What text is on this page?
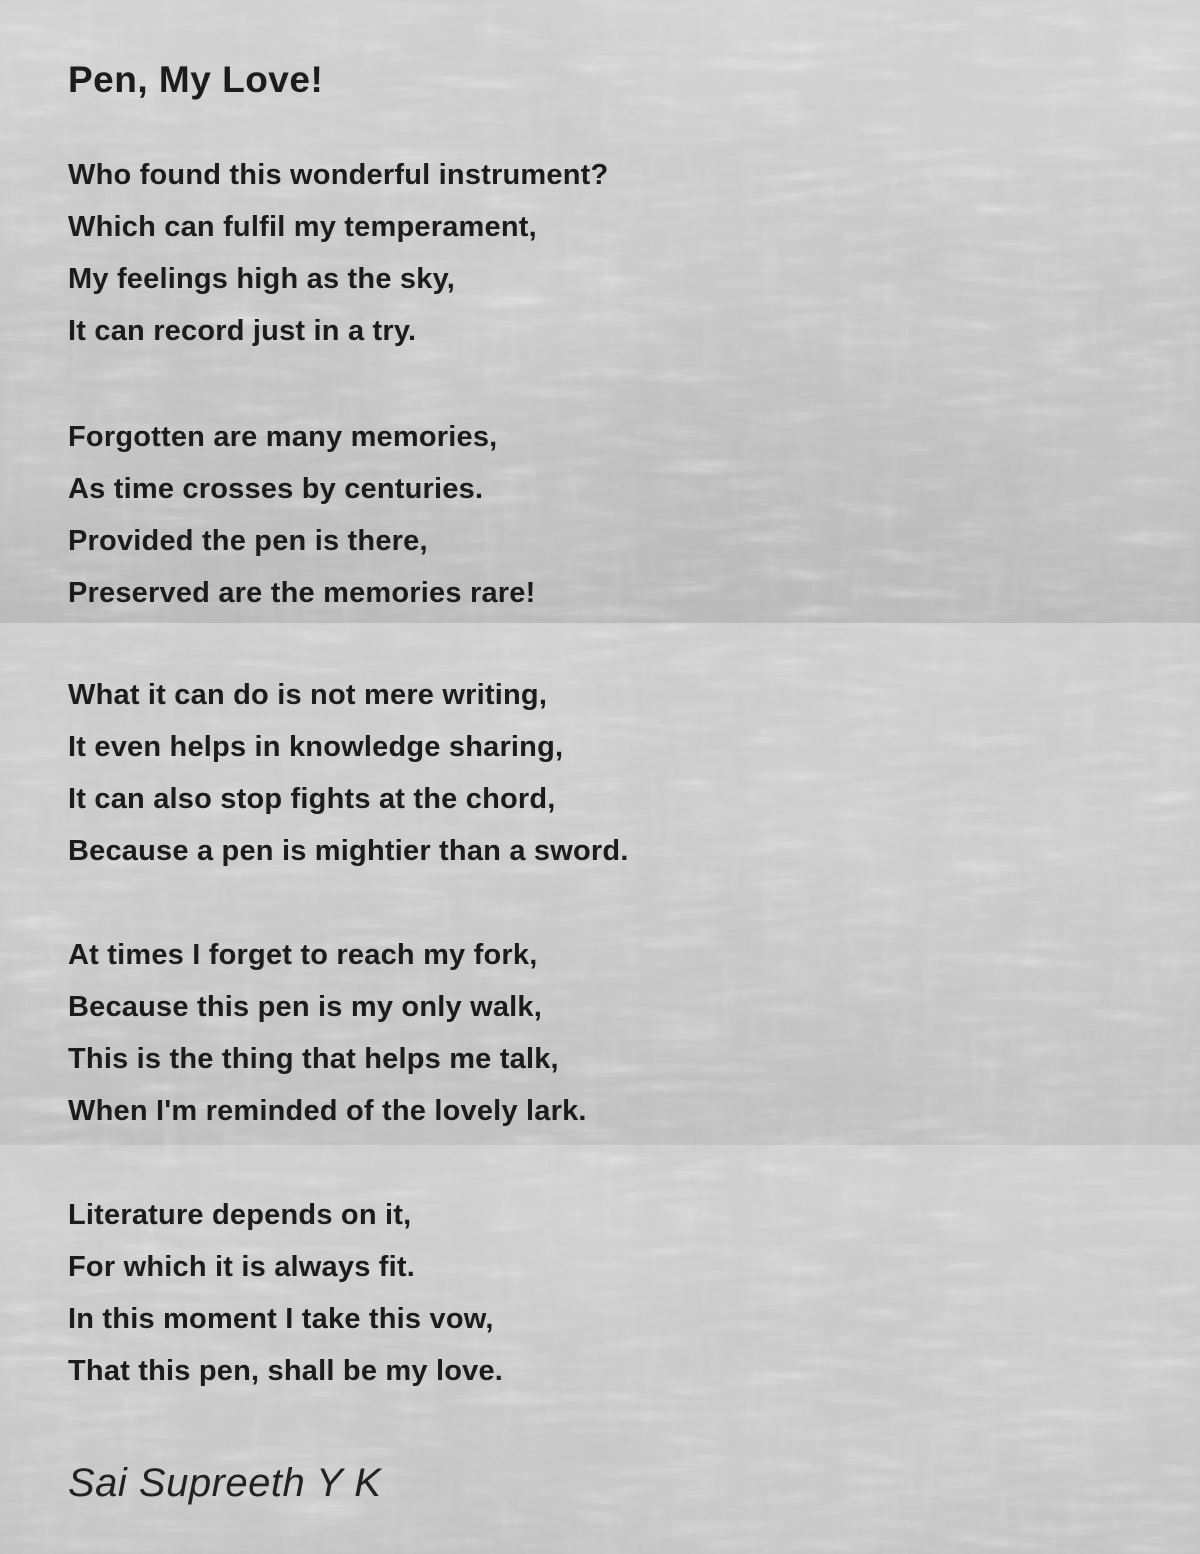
Pen, My Love!
Who found this wonderful instrument?
Which can fulfil my temperament,
My feelings high as the sky,
It can record just in a try.
Forgotten are many memories,
As time crosses by centuries.
Provided the pen is there,
Preserved are the memories rare!
What it can do is not mere writing,
It even helps in knowledge sharing,
It can also stop fights at the chord,
Because a pen is mightier than a sword.
At times I forget to reach my fork,
Because this pen is my only walk,
This is the thing that helps me talk,
When I'm reminded of the lovely lark.
Literature depends on it,
For which it is always fit.
In this moment I take this vow,
That this pen, shall be my love.
Sai Supreeth Y K
